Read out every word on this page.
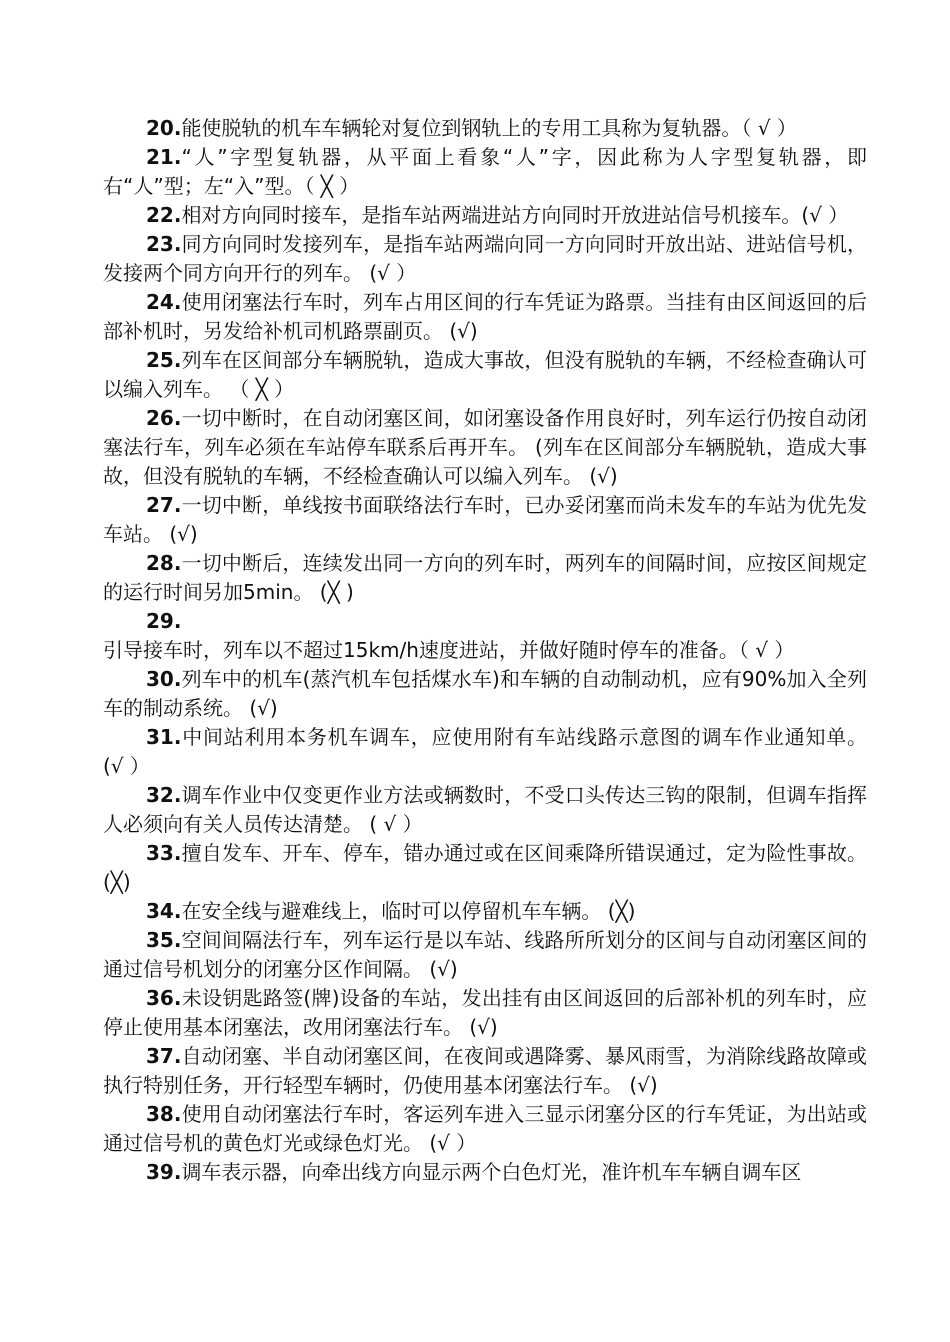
20.能使脱轨的机车车辆轮对复位到钢轨上的专用工具称为复轨器。（ √ ）

21.“人”字型复轨器，从平面上看象“人”字，因此称为人字型复轨器，即右“人”型；左“入”型。（ ╳ ）

22.相对方向同时接车，是指车站两端进站方向同时开放进站信号机接车。(√ ）

23.同方向同时发接列车，是指车站两端向同一方向同时开放出站、进站信号机，发接两个同方向开行的列车。 (√ ）

24.使用闭塞法行车时，列车占用区间的行车凭证为路票。当挂有由区间返回的后部补机时，另发给补机司机路票副页。 (√)

25.列车在区间部分车辆脱轨，造成大事故，但没有脱轨的车辆，不经检查确认可以编入列车。 （ ╳ ）

26.一切中断时，在自动闭塞区间，如闭塞设备作用良好时，列车运行仍按自动闭塞法行车，列车必须在车站停车联系后再开车。 (列车在区间部分车辆脱轨，造成大事故，但没有脱轨的车辆，不经检查确认可以编入列车。 (√)

27.一切中断，单线按书面联络法行车时，已办妥闭塞而尚未发车的车站为优先发车站。 (√)

28.一切中断后，连续发出同一方向的列车时，两列车的间隔时间，应按区间规定的运行时间另加5min。 (╳ )

29.引导接车时，列车以不超过15km/h速度进站，并做好随时停车的准备。（ √ ）

30.列车中的机车(蒸汽机车包括煤水车)和车辆的自动制动机，应有90%加入全列车的制动系统。 (√)

31.中间站利用本务机车调车，应使用附有车站线路示意图的调车作业通知单。 (√ ）

32.调车作业中仅变更作业方法或辆数时，不受口头传达三钩的限制，但调车指挥人必须向有关人员传达清楚。 ( √ ）

33.擅自发车、开车、停车，错办通过或在区间乘降所错误通过，定为险性事故。 (╳)

34.在安全线与避难线上，临时可以停留机车车辆。 (╳)

35.空间间隔法行车，列车运行是以车站、线路所所划分的区间与自动闭塞区间的通过信号机划分的闭塞分区作间隔。 (√)

36.未设钥匙路签(牌)设备的车站，发出挂有由区间返回的后部补机的列车时，应停止使用基本闭塞法，改用闭塞法行车。 (√)

37.自动闭塞、半自动闭塞区间，在夜间或遇降雾、暴风雨雪，为消除线路故障或执行特别任务，开行轻型车辆时，仍使用基本闭塞法行车。 (√)

38.使用自动闭塞法行车时，客运列车进入三显示闭塞分区的行车凭证，为出站或通过信号机的黄色灯光或绿色灯光。 (√ ）

39.调车表示器，向牵出线方向显示两个白色灯光，准许机车车辆自调车区
